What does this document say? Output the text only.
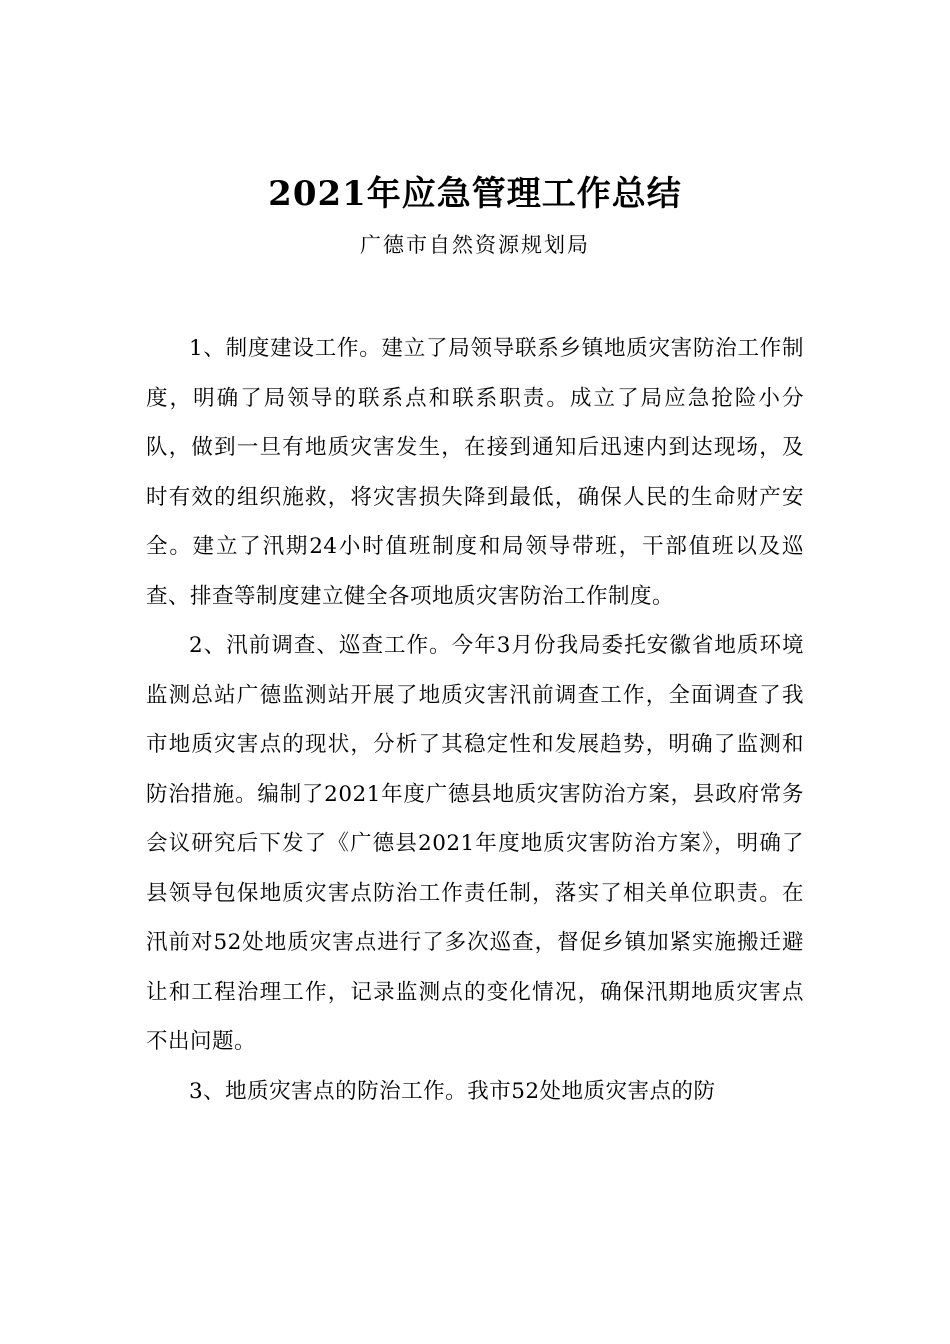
2021年应急管理工作总结
广德市自然资源规划局

1、制度建设工作。建立了局领导联系乡镇地质灾害防治工作制度，明确了局领导的联系点和联系职责。成立了局应急抢险小分队，做到一旦有地质灾害发生，在接到通知后迅速内到达现场，及时有效的组织施救，将灾害损失降到最低，确保人民的生命财产安全。建立了汛期24小时值班制度和局领导带班，干部值班以及巡查、排查等制度建立健全各项地质灾害防治工作制度。

2、汛前调查、巡查工作。今年3月份我局委托安徽省地质环境监测总站广德监测站开展了地质灾害汛前调查工作，全面调查了我市地质灾害点的现状，分析了其稳定性和发展趋势，明确了监测和防治措施。编制了2021年度广德县地质灾害防治方案，县政府常务会议研究后下发了《广德县2021年度地质灾害防治方案》，明确了县领导包保地质灾害点防治工作责任制，落实了相关单位职责。在汛前对52处地质灾害点进行了多次巡查，督促乡镇加紧实施搬迁避让和工程治理工作，记录监测点的变化情况，确保汛期地质灾害点不出问题。

3、地质灾害点的防治工作。我市52处地质灾害点的防
